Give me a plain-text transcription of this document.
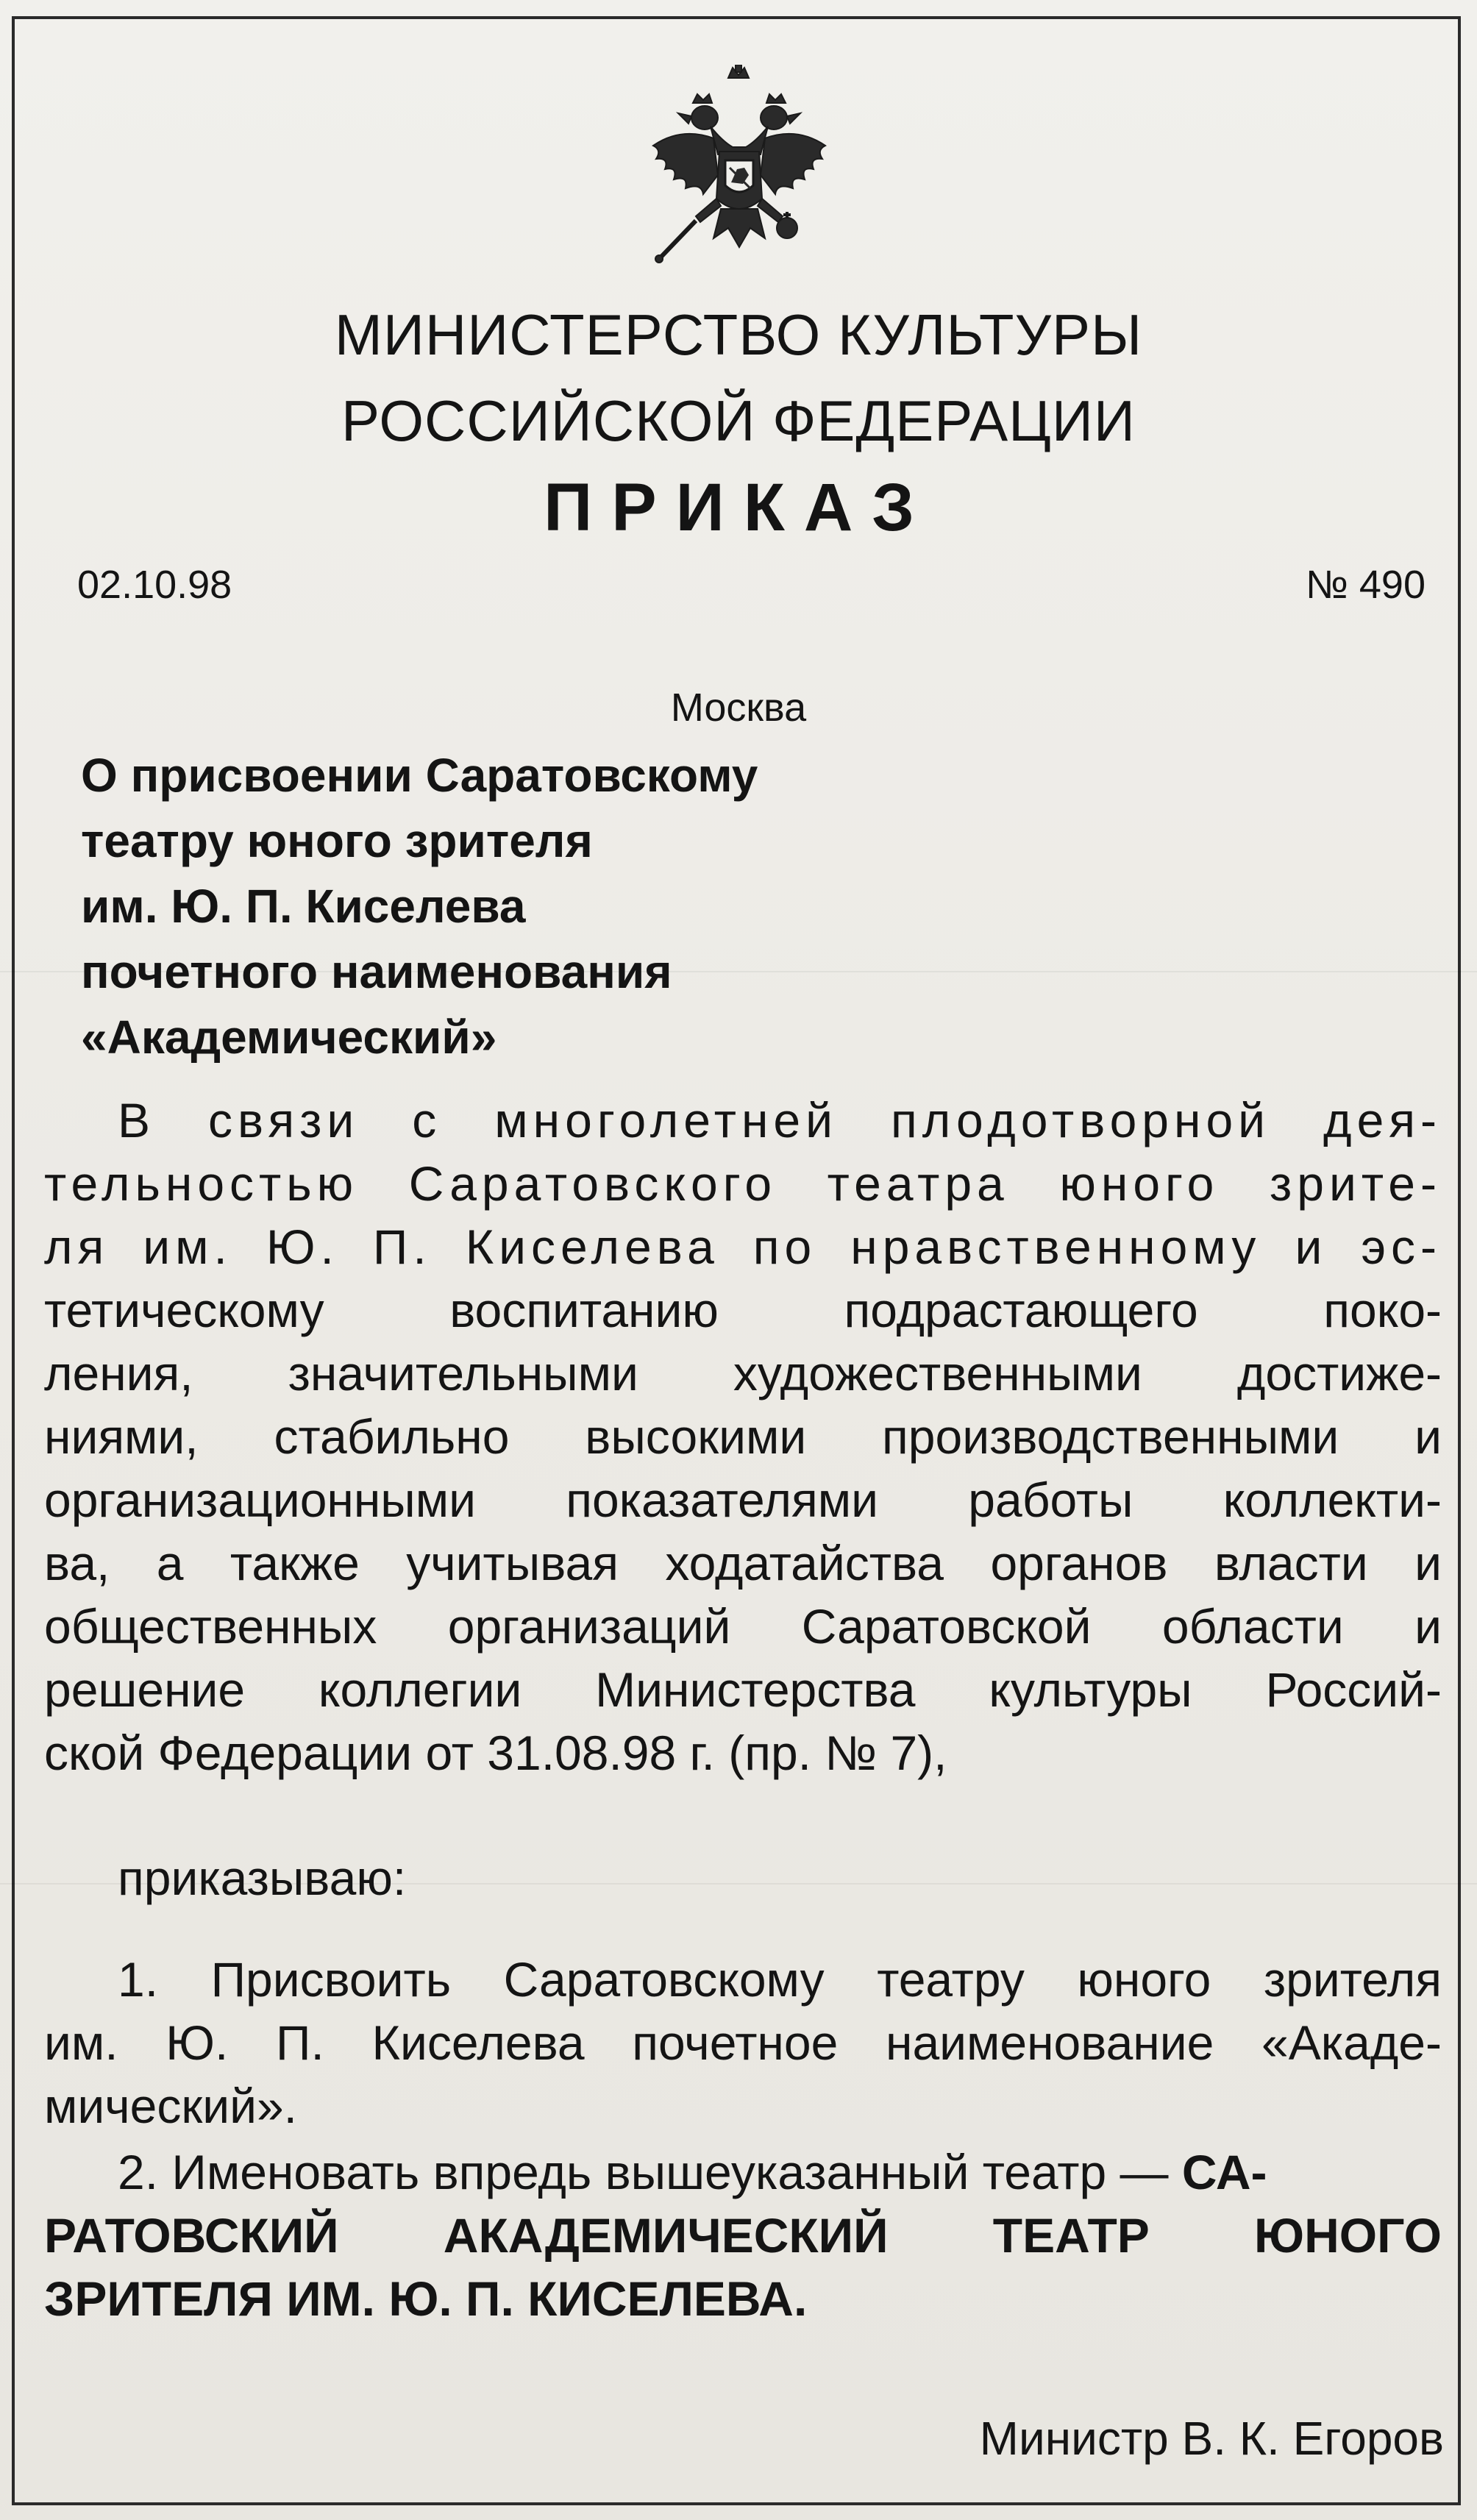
МИНИСТЕРСТВО КУЛЬТУРЫ
РОССИЙСКОЙ ФЕДЕРАЦИИ
ПРИКАЗ
02.10.98	№ 490
Москва
О присвоении Саратовскому
театру юного зрителя
им. Ю. П. Киселева
почетного наименования
«Академический»
В связи с многолетней плодотворной дея-
тельностью Саратовского театра юного зрите-
ля им. Ю. П. Киселева по нравственному и эс-
тетическому воспитанию подрастающего поко-
ления, значительными художественными достиже-
ниями, стабильно высокими производственными и
организационными показателями работы коллекти-
ва, а также учитывая ходатайства органов власти и
общественных организаций Саратовской области и
решение коллегии Министерства культуры Россий-
ской Федерации от 31.08.98 г. (пр. № 7),
приказываю:
1. Присвоить Саратовскому театру юного зрителя
им. Ю. П. Киселева почетное наименование «Акаде-
мический».
2. Именовать впредь вышеуказанный театр — СА-
РАТОВСКИЙ АКАДЕМИЧЕСКИЙ ТЕАТР ЮНОГО
ЗРИТЕЛЯ ИМ. Ю. П. КИСЕЛЕВА.
Министр В. К. Егоров
